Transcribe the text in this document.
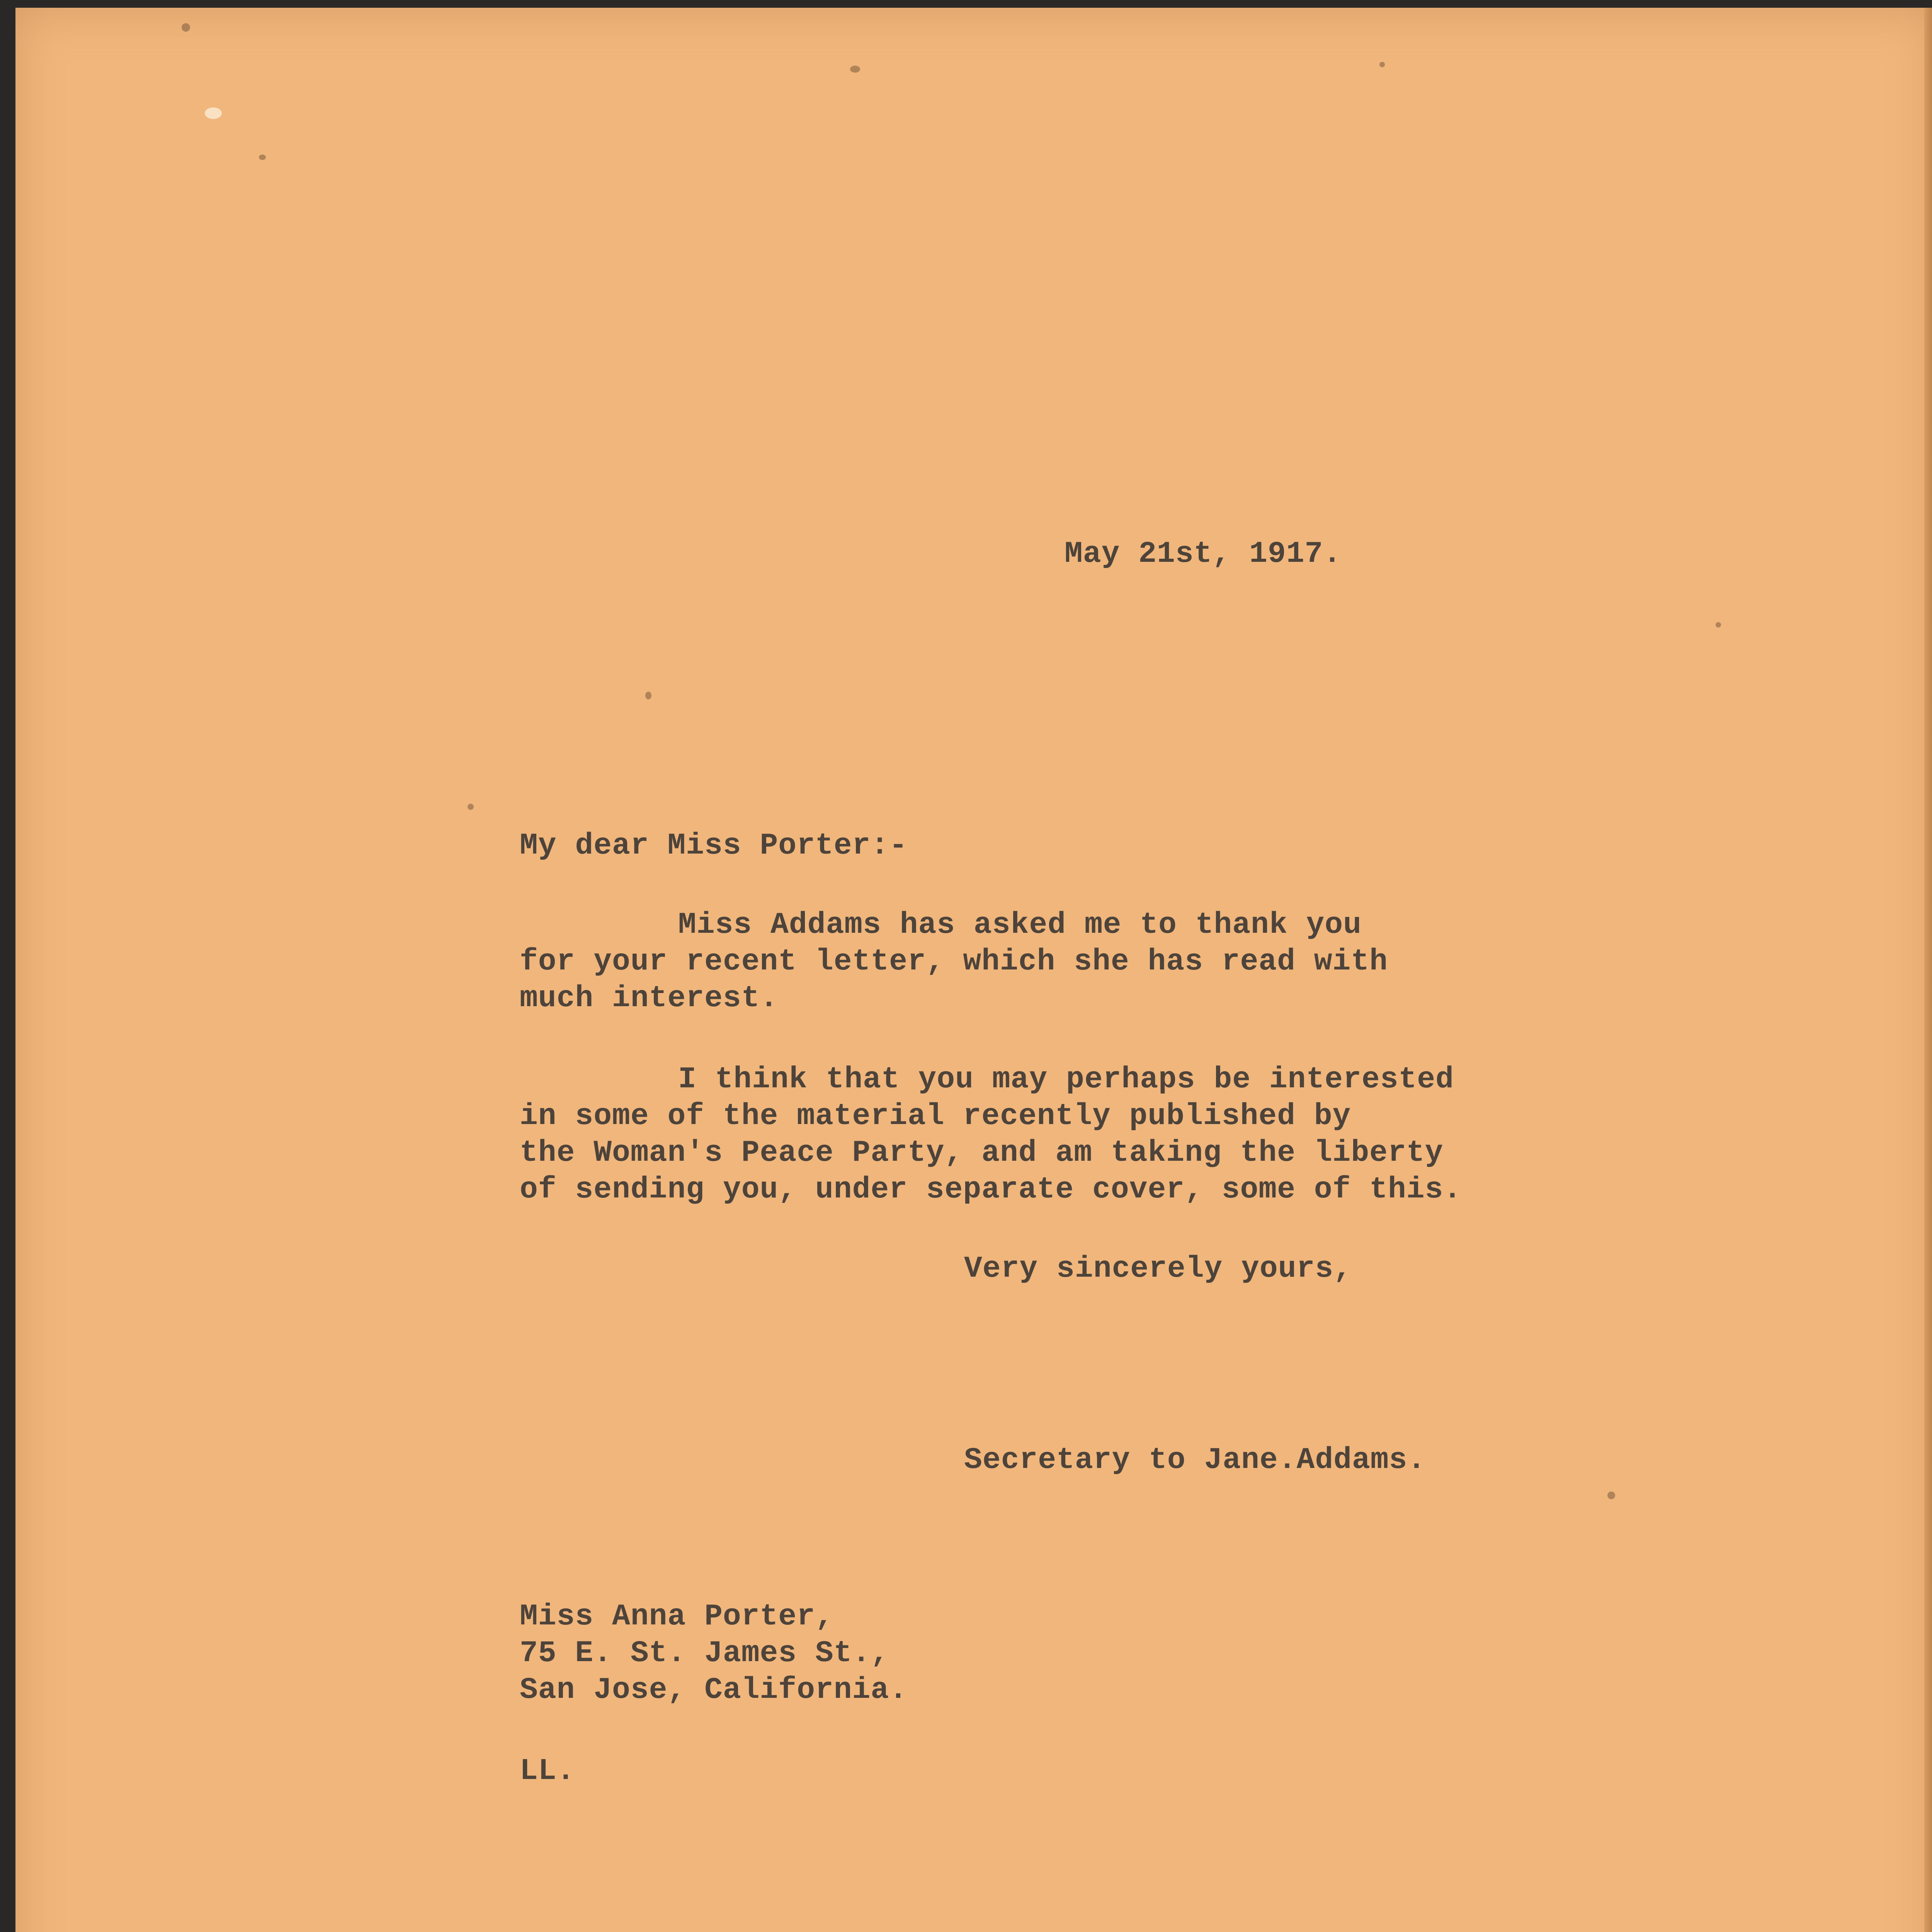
May 21st, 1917.
My dear Miss Porter:-
Miss Addams has asked me to thank you
for your recent letter, which she has read with
much interest.
I think that you may perhaps be interested
in some of the material recently published by
the Woman's Peace Party, and am taking the liberty
of sending you, under separate cover, some of this.
Very sincerely yours,
Secretary to Jane.Addams.
Miss Anna Porter,
75 E. St. James St.,
San Jose, California.
LL.
